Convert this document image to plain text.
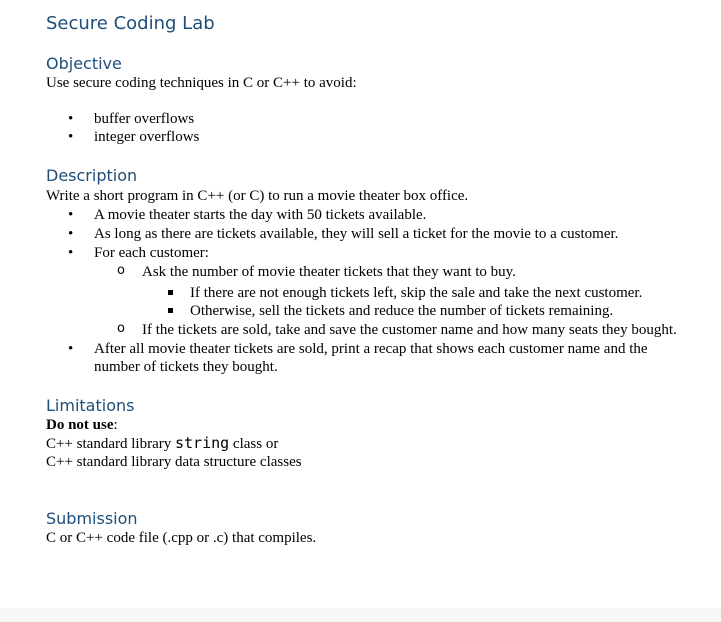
Secure Coding Lab
Objective

Use secure coding techniques in C or C++ to avoid:

• buffer overflows
• integer overflows
Description

Write a short program in C++ (or C) to run a movie theater box office.

• A movie theater starts the day with 50 tickets available.
• As long as there are tickets available, they will sell a ticket for the movie to a customer.
• For each customer:
o Ask the number of movie theater tickets that they want to buy.
If there are not enough tickets left, skip the sale and take the next customer.
Otherwise, sell the tickets and reduce the number of tickets remaining.
o If the tickets are sold, take and save the customer name and how many seats they bought.
• After all movie theater tickets are sold, print a recap that shows each customer name and the number of tickets they bought.
Limitations

Do not use:

C++ standard library string class or

C++ standard library data structure classes

Submission

C or C++ code file (.cpp or .c) that compiles.
